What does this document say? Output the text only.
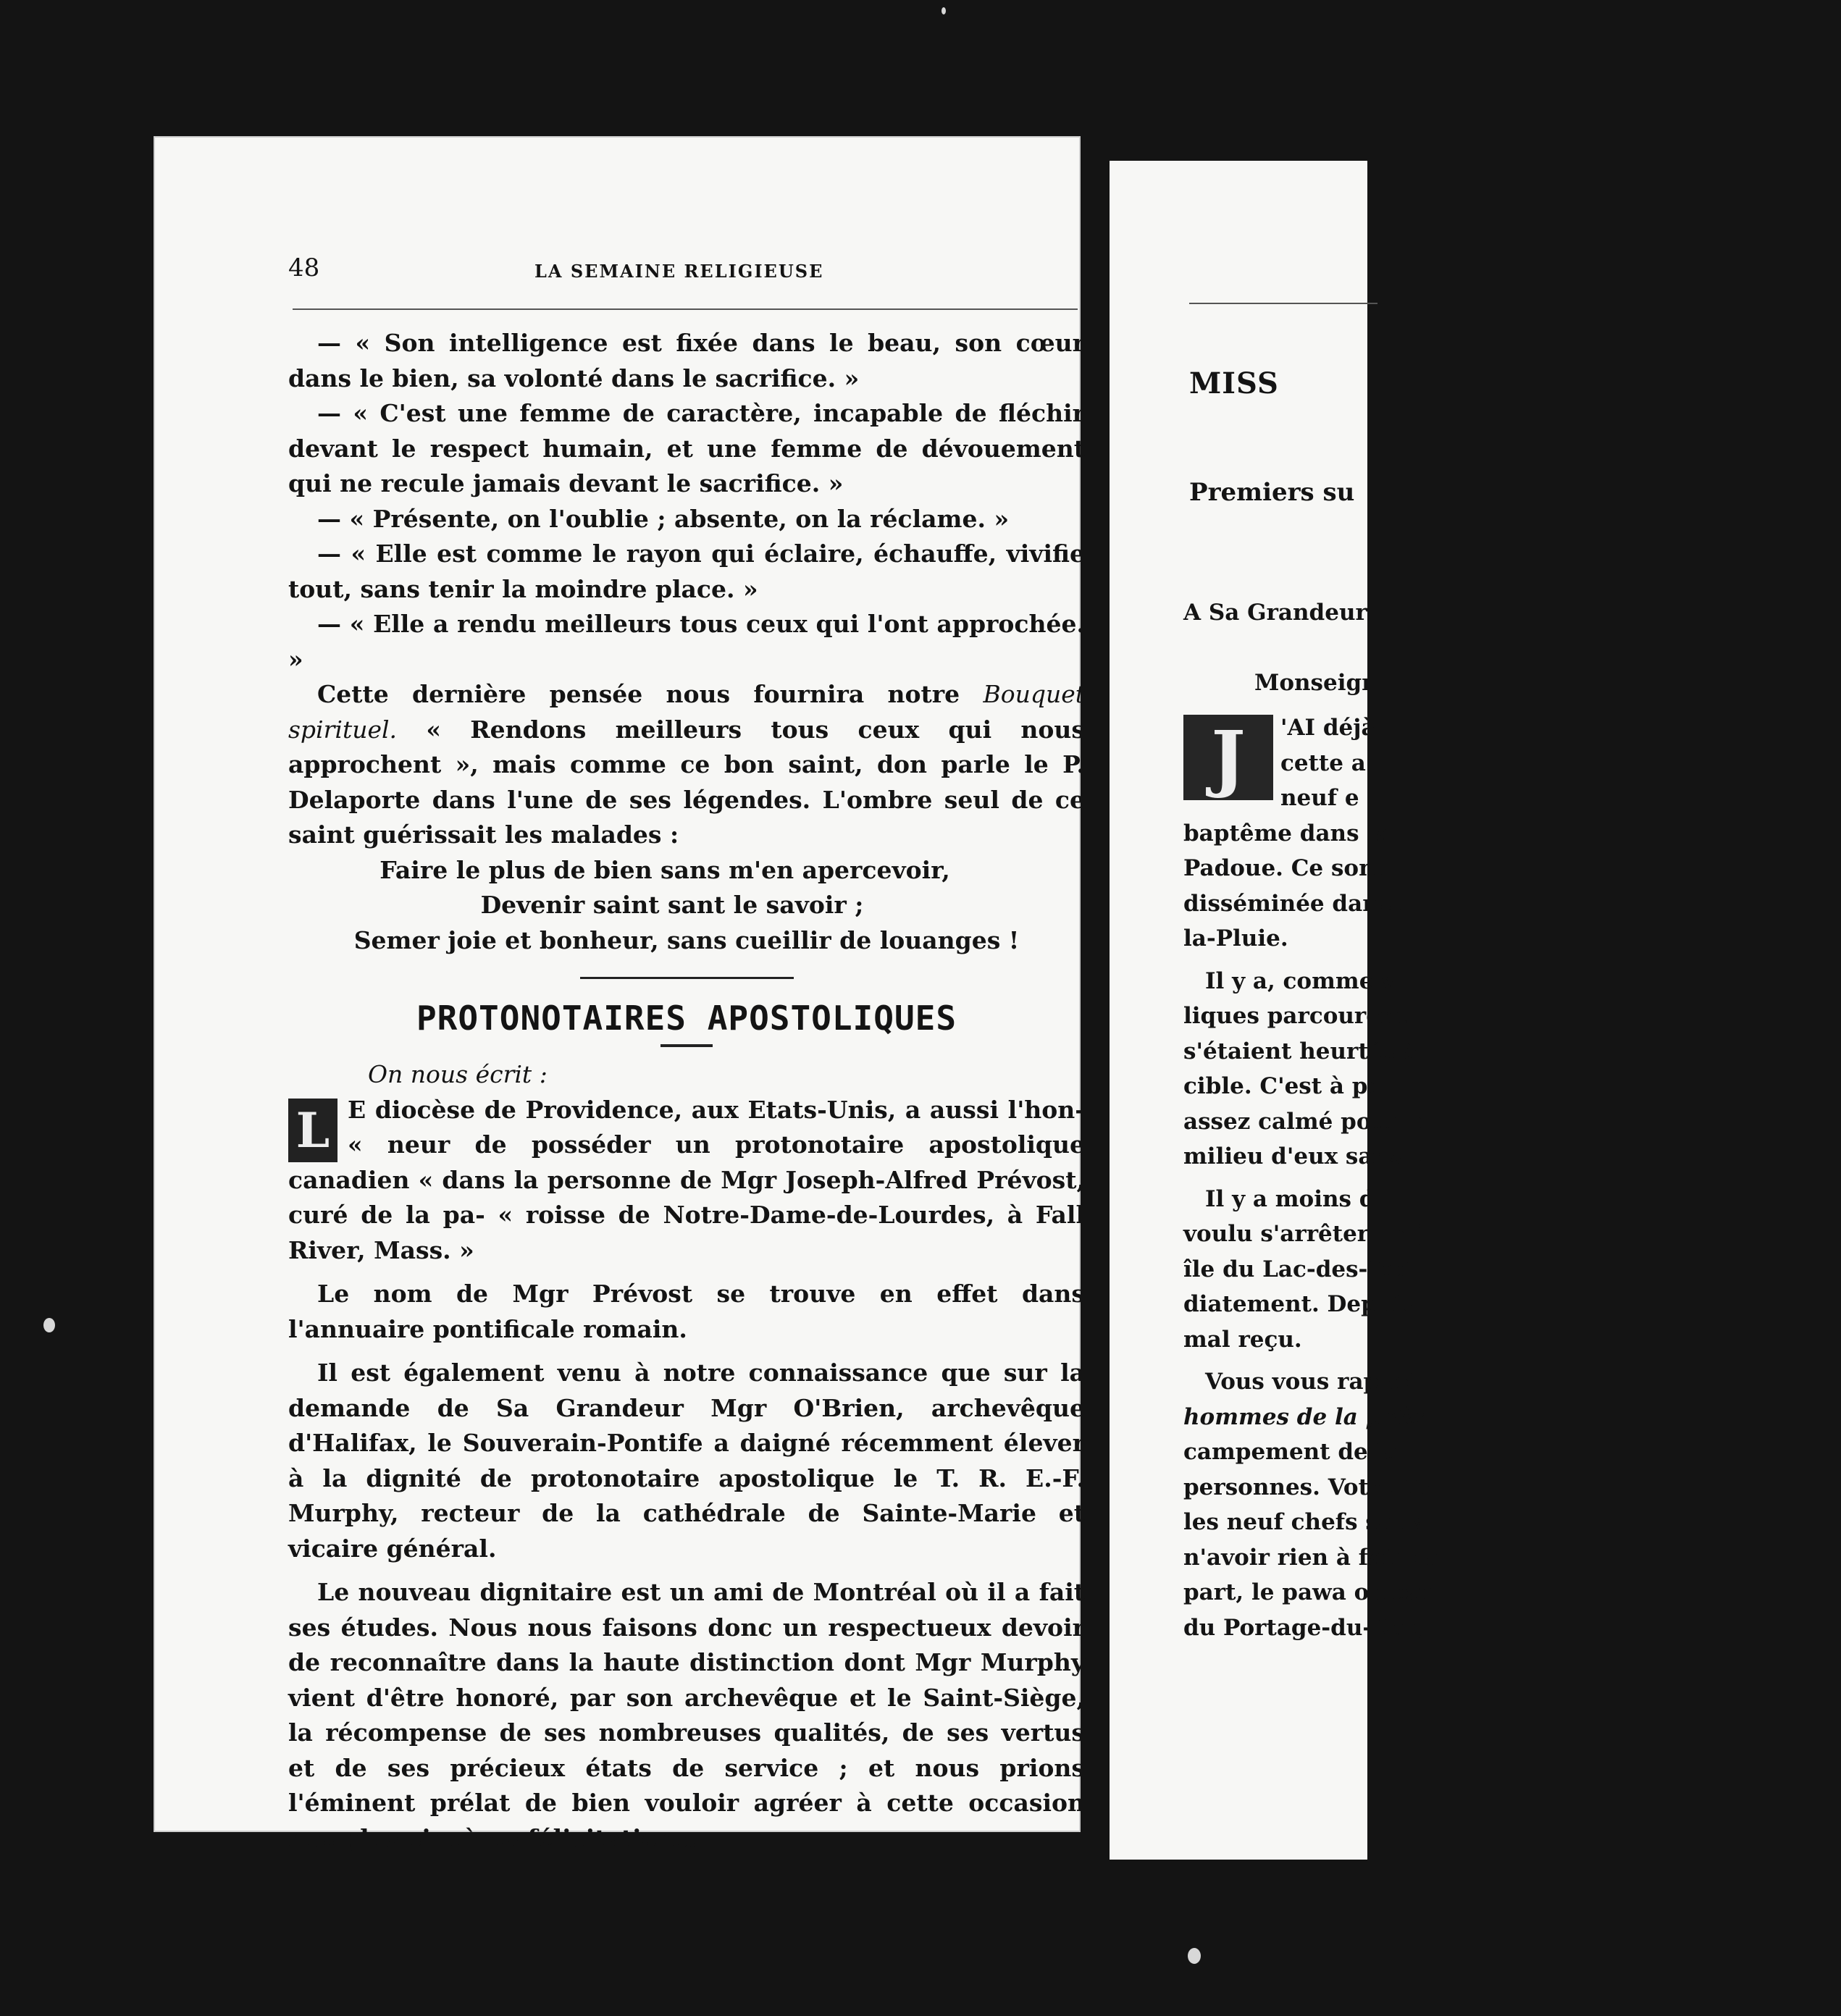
48	LA SEMAINE RELIGIEUSE

— « Son intelligence est fixée dans le beau, son cœur dans le bien, sa volonté dans le sacrifice. »

— « C'est une femme de caractère, incapable de fléchir devant le respect humain, et une femme de dévouement qui ne recule jamais devant le sacrifice. »

— « Présente, on l'oublie ; absente, on la réclame. »

— « Elle est comme le rayon qui éclaire, échauffe, vivifie tout, sans tenir la moindre place. »

— « Elle a rendu meilleurs tous ceux qui l'ont approchée. »

Cette dernière pensée nous fournira notre Bouquet spirituel. « Rendons meilleurs tous ceux qui nous approchent », mais comme ce bon saint, don parle le P. Delaporte dans l'une de ses légendes. L'ombre seul de ce saint guérissait les malades :

Faire le plus de bien sans m'en apercevoir,

Devenir saint sant le savoir ;

Semer joie et bonheur, sans cueillir de louanges !

PROTONOTAIRES APOSTOLIQUES

On nous écrit :

L E diocèse de Providence, aux Etats-Unis, a aussi l'hon- « neur de posséder un protonotaire apostolique canadien « dans la personne de Mgr Joseph-Alfred Prévost, curé de la pa- « roisse de Notre-Dame-de-Lourdes, à Fall River, Mass. »

Le nom de Mgr Prévost se trouve en effet dans l'annuaire pontificale romain.

Il est également venu à notre connaissance que sur la demande de Sa Grandeur Mgr O'Brien, archevêque d'Halifax, le Souverain-Pontife a daigné récemment élever à la dignité de protonotaire apostolique le T. R. E.-F. Murphy, recteur de la cathédrale de Sainte-Marie et vicaire général.

Le nouveau dignitaire est un ami de Montréal où il a fait ses études. Nous nous faisons donc un respectueux devoir de reconnaître dans la haute distinction dont Mgr Murphy vient d'être honoré, par son archevêque et le Saint-Siège, la récompense de ses nombreuses qualités, de ses vertus et de ses précieux états de service ; et nous prions l'éminent prélat de bien vouloir agréer à cette occasion nos plus sincères félicitations.

MISS
Premiers su

A Sa Grandeur

Monseign

J	'AI déjà

cette a

neuf e

baptême dans la

Padoue. Ce sont

disséminée dans l

la-Pluie.

Il y a, comme v

liques parcourent

s'étaient heurtés à

cible. C'est à pei

assez calmé pour p

milieu d'eux sans e

Il y a moins d

voulu s'arrêter un j

île du Lac-des-Boi

diatement. Depuis

mal reçu.

Vous vous rappel

hommes de la prièr

campement de la

personnes. Votre Gr

les neuf chefs sauv

n'avoir rien à faire a

part, le pawa ou ban

du Portage-du-Rat, l
